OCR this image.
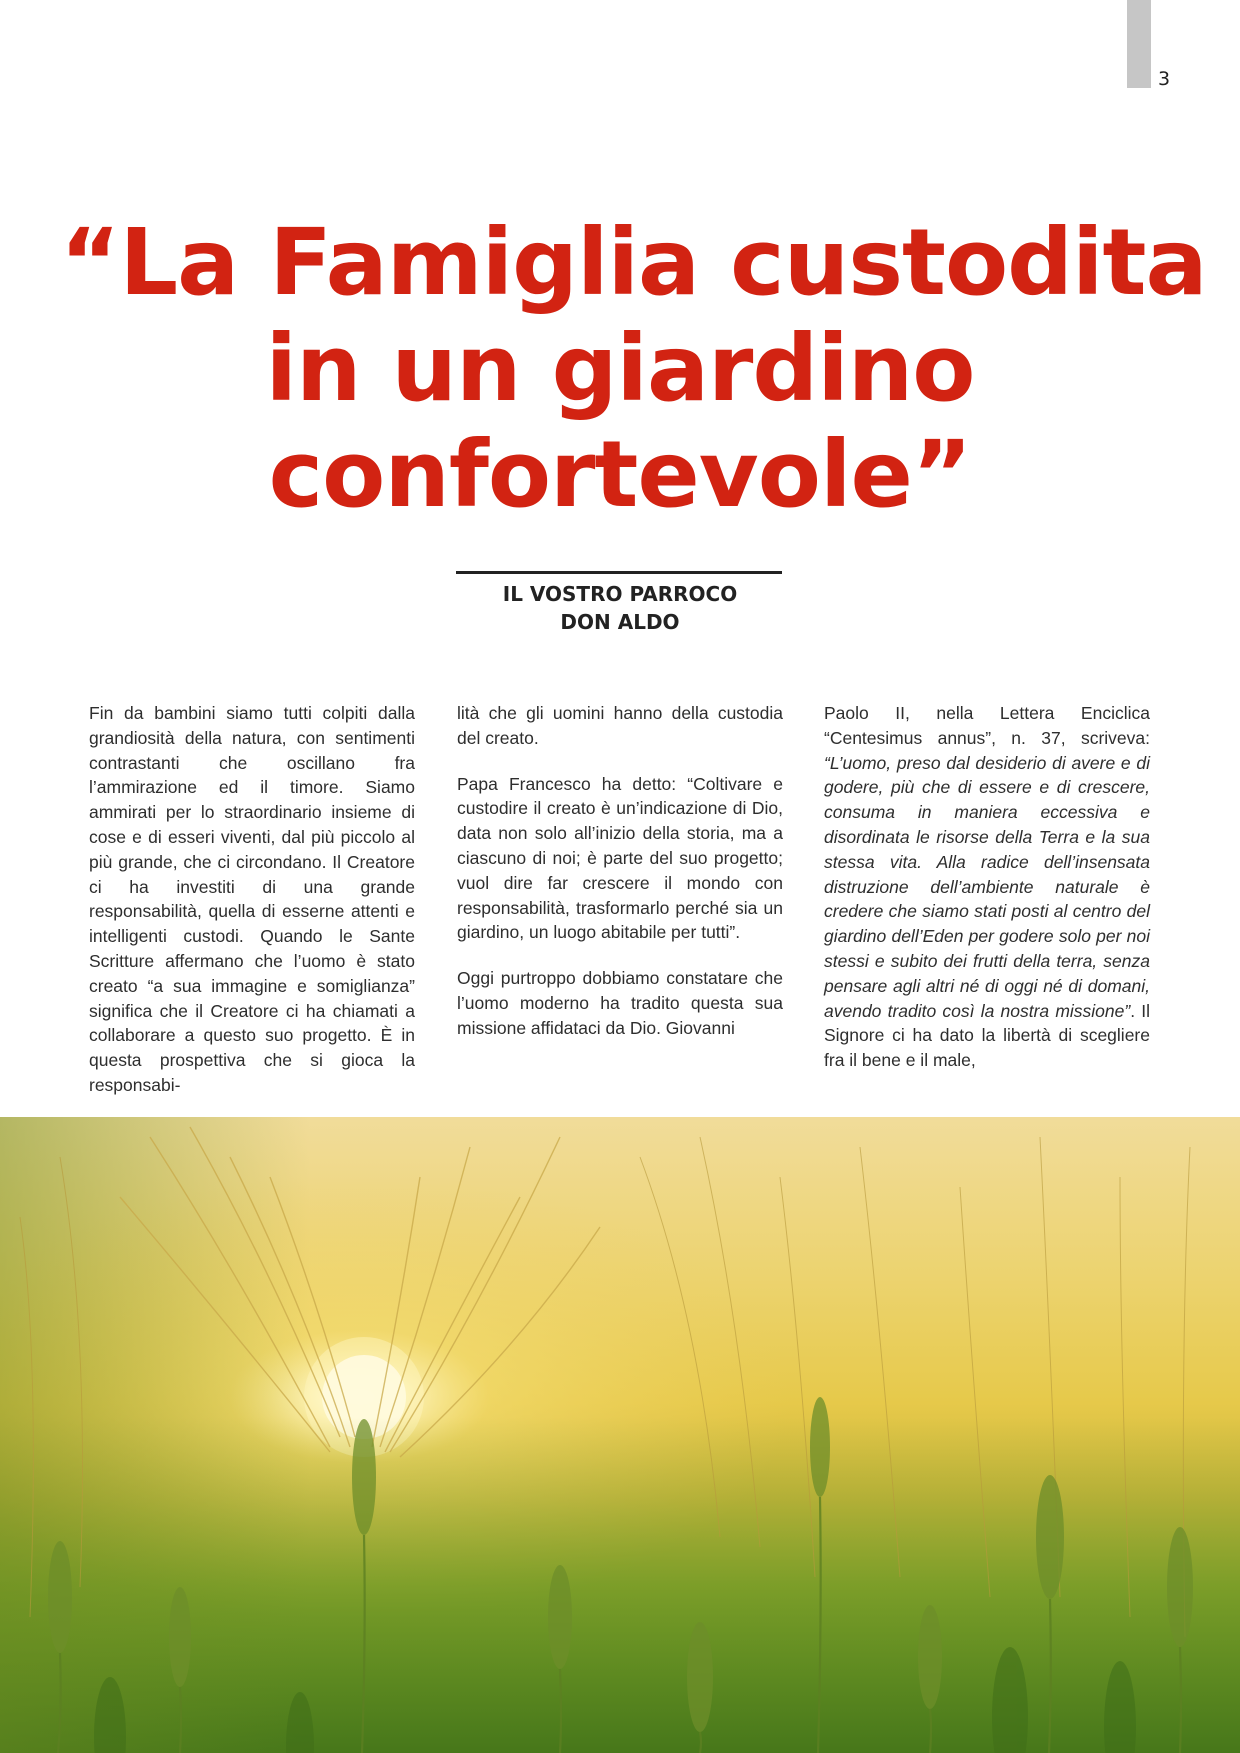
3
“La Famiglia custodita
in un giardino
confortevole”
IL VOSTRO PARROCO
DON ALDO

Fin da bambini siamo tutti colpiti dalla grandiosità della natura, con sentimenti contrastanti che oscillano fra l’ammirazione ed il timore. Siamo ammirati per lo straordinario insieme di cose e di esseri viventi, dal più piccolo al più grande, che ci circondano. Il Creatore ci ha investiti di una grande responsabilità, quella di esserne attenti e intelligenti custodi. Quando le Sante Scritture affermano che l’uomo è stato creato “a sua immagine e somiglianza” significa che il Creatore ci ha chiamati a collaborare a questo suo progetto. È in questa prospettiva che si gioca la responsabi-

lità che gli uomini hanno della custodia del creato.

Papa Francesco ha detto: “Coltivare e custodire il creato è un’indicazione di Dio, data non solo all’inizio della storia, ma a ciascuno di noi; è parte del suo progetto; vuol dire far crescere il mondo con responsabilità, trasformarlo perché sia un giardino, un luogo abitabile per tutti”.

Oggi purtroppo dobbiamo constatare che l’uomo moderno ha tradito questa sua missione affidataci da Dio. Giovanni

Paolo II, nella Lettera Enciclica “Centesimus annus”, n. 37, scriveva: “L’uomo, preso dal desiderio di avere e di godere, più che di essere e di crescere, consuma in maniera eccessiva e disordinata le risorse della Terra e la sua stessa vita. Alla radice dell’insensata distruzione dell’ambiente naturale è credere che siamo stati posti al centro del giardino dell’Eden per godere solo per noi stessi e subito dei frutti della terra, senza pensare agli altri né di oggi né di domani, avendo tradito così la nostra missione”. Il Signore ci ha dato la libertà di scegliere fra il bene e il male,
